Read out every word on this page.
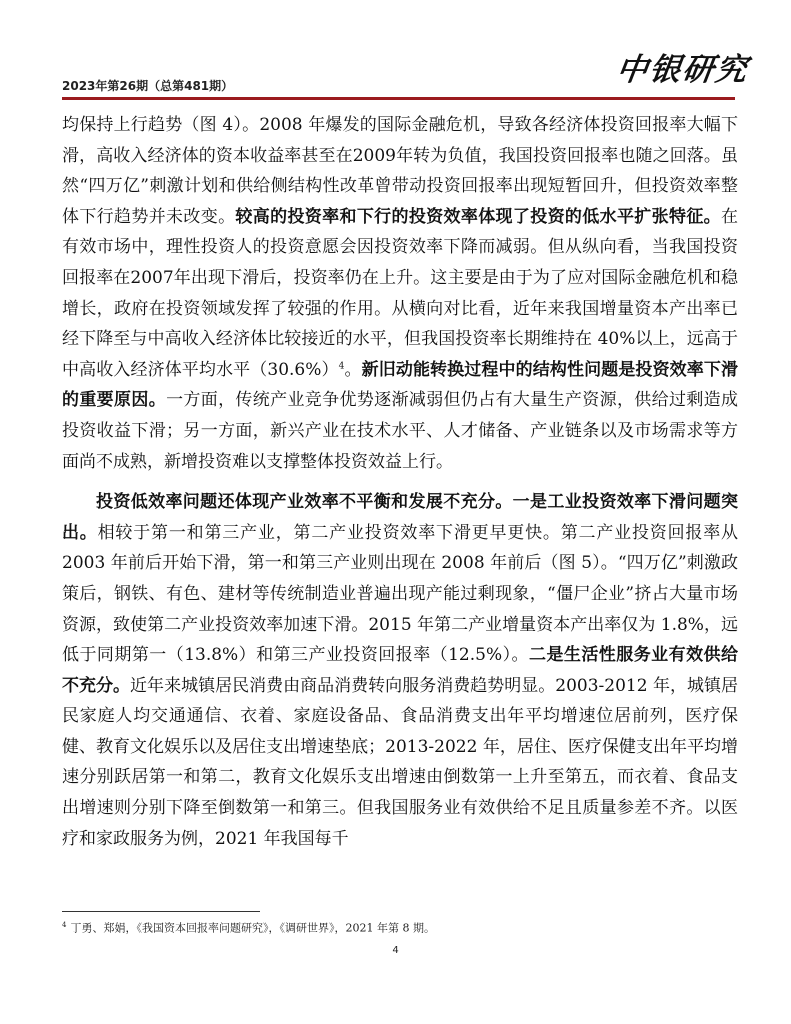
2023年第26期（总第481期）	中银研究

均保持上行趋势（图 4）。2008 年爆发的国际金融危机，导致各经济体投资回报率大幅下滑，高收入经济体的资本收益率甚至在2009年转为负值，我国投资回报率也随之回落。虽然“四万亿”刺激计划和供给侧结构性改革曾带动投资回报率出现短暂回升，但投资效率整体下行趋势并未改变。较高的投资率和下行的投资效率体现了投资的低水平扩张特征。在有效市场中，理性投资人的投资意愿会因投资效率下降而减弱。但从纵向看，当我国投资回报率在2007年出现下滑后，投资率仍在上升。这主要是由于为了应对国际金融危机和稳增长，政府在投资领域发挥了较强的作用。从横向对比看，近年来我国增量资本产出率已经下降至与中高收入经济体比较接近的水平，但我国投资率长期维持在 40%以上，远高于中高收入经济体平均水平$(30.6\%)^4$。新旧动能转换过程中的结构性问题是投资效率下滑的重要原因。一方面，传统产业竞争优势逐渐减弱但仍占有大量生产资源，供给过剩造成投资收益下滑；另一方面，新兴产业在技术水平、人才储备、产业链条以及市场需求等方面尚不成熟，新增投资难以支撑整体投资效益上行。

投资低效率问题还体现产业效率不平衡和发展不充分。一是工业投资效率下滑问题突出。相较于第一和第三产业，第二产业投资效率下滑更早更快。第二产业投资回报率从 2003 年前后开始下滑，第一和第三产业则出现在 2008 年前后（图 5）。“四万亿”刺激政策后，钢铁、有色、建材等传统制造业普遍出现产能过剩现象，“僵尸企业”挤占大量市场资源，致使第二产业投资效率加速下滑。2015 年第二产业增量资本产出率仅为 1.8%，远低于同期第一（13.8%）和第三产业投资回报率（12.5%）。二是生活性服务业有效供给不充分。近年来城镇居民消费由商品消费转向服务消费趋势明显。2003-2012 年，城镇居民家庭人均交通通信、衣着、家庭设备品、食品消费支出年平均增速位居前列，医疗保健、教育文化娱乐以及居住支出增速垫底；2013-2022 年，居住、医疗保健支出年平均增速分别跃居第一和第二，教育文化娱乐支出增速由倒数第一上升至第五，而衣着、食品支出增速则分别下降至倒数第一和第三。但我国服务业有效供给不足且质量参差不齐。以医疗和家政服务为例，2021 年我国每千

$^4$ 丁勇、郑娟，《我国资本回报率问题研究》，《调研世界》，2021 年第 8 期。
4
